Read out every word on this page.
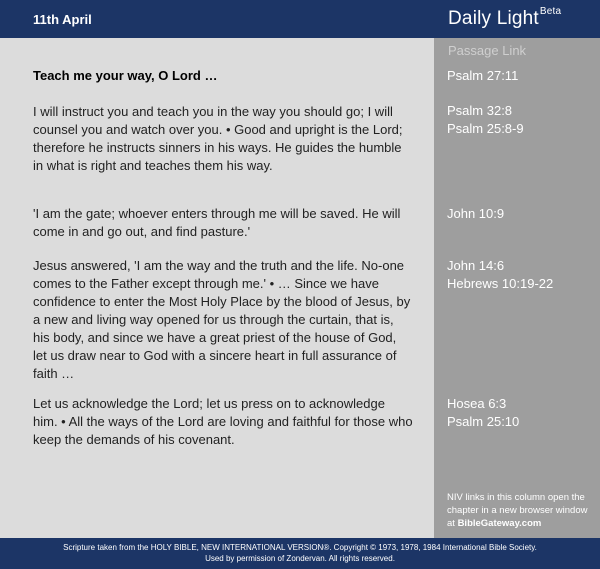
11th April	Daily Light$^{Beta}$
Passage Link
Teach me your way, O Lord …	Psalm 27:11
I will instruct you and teach you in the way you should go; I will counsel you and watch over you. • Good and upright is the Lord; therefore he instructs sinners in his ways. He guides the humble in what is right and teaches them his way.
Psalm 32:8
Psalm 25:8-9
'I am the gate; whoever enters through me will be saved. He will come in and go out, and find pasture.'
John 10:9
Jesus answered, 'I am the way and the truth and the life. No-one comes to the Father except through me.' • … Since we have confidence to enter the Most Holy Place by the blood of Jesus, by a new and living way opened for us through the curtain, that is, his body, and since we have a great priest of the house of God, let us draw near to God with a sincere heart in full assurance of faith …
John 14:6
Hebrews 10:19-22
Let us acknowledge the Lord; let us press on to acknowledge him. • All the ways of the Lord are loving and faithful for those who keep the demands of his covenant.
Hosea 6:3
Psalm 25:10
NIV links in this column open the chapter in a new browser window at BibleGateway.com
Scripture taken from the HOLY BIBLE, NEW INTERNATIONAL VERSION®. Copyright © 1973, 1978, 1984 International Bible Society.
Used by permission of Zondervan. All rights reserved.
